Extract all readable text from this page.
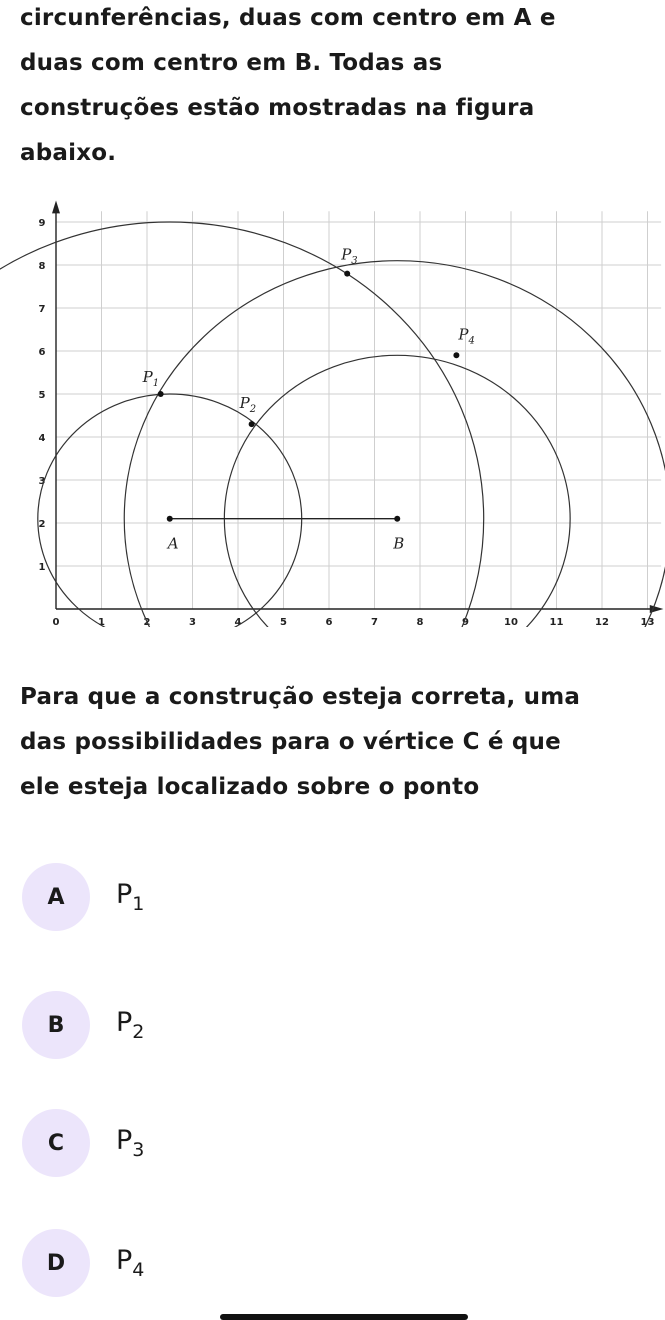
circunferências, duas com centro em A e
duas com centro em B. Todas as
construções estão mostradas na figura
abaixo.
0	1	2	3	4	5	6	7	8	9	10	11	12	13
1
2
3
4
5
6
7
8
9
A	B
$P_1$
$P_2$
$P_3$
$P_4$
Para que a construção esteja correta, uma
das possibilidades para o vértice C é que
ele esteja localizado sobre o ponto
A	$P_1$
B	$P_2$
C	$P_3$
D	$P_4$
